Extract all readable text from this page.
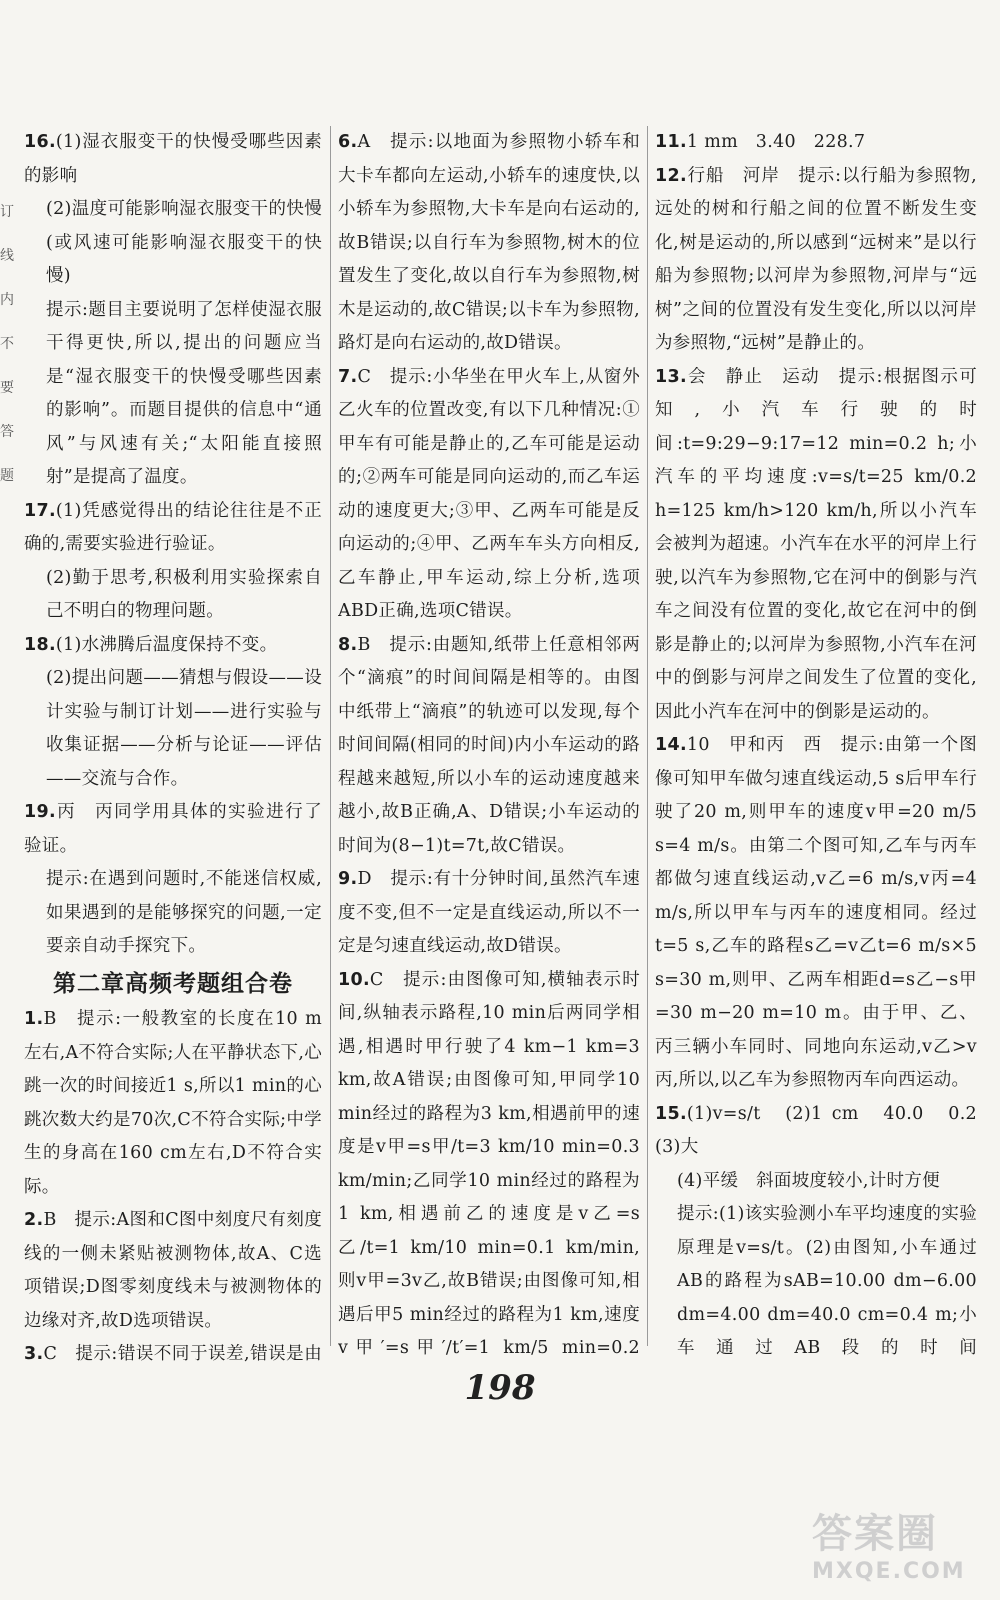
订线内不要答题

16.(1)湿衣服变干的快慢受哪些因素的影响

(2)温度可能影响湿衣服变干的快慢(或风速可能影响湿衣服变干的快慢)

提示:题目主要说明了怎样使湿衣服干得更快,所以,提出的问题应当是“湿衣服变干的快慢受哪些因素的影响”。而题目提供的信息中“通风”与风速有关;“太阳能直接照射”是提高了温度。

17.(1)凭感觉得出的结论往往是不正确的,需要实验进行验证。

(2)勤于思考,积极利用实验探索自己不明白的物理问题。

18.(1)水沸腾后温度保持不变。

(2)提出问题——猜想与假设——设计实验与制订计划——进行实验与收集证据——分析与论证——评估——交流与合作。

19.丙　丙同学用具体的实验进行了验证。

提示:在遇到问题时,不能迷信权威,如果遇到的是能够探究的问题,一定要亲自动手探究下。

第二章高频考题组合卷

1.B　提示:一般教室的长度在10 m左右,A不符合实际;人在平静状态下,心跳一次的时间接近1 s,所以1 min的心跳次数大约是70次,C不符合实际;中学生的身高在160 cm左右,D不符合实际。

2.B　提示:A图和C图中刻度尺有刻度线的一侧未紧贴被测物体,故A、C选项错误;D图零刻度线未与被测物体的边缘对齐,故D选项错误。

3.C　提示:错误不同于误差,错误是由

6.A　提示:以地面为参照物小轿车和大卡车都向左运动,小轿车的速度快,以小轿车为参照物,大卡车是向右运动的,故B错误;以自行车为参照物,树木的位置发生了变化,故以自行车为参照物,树木是运动的,故C错误;以卡车为参照物,路灯是向右运动的,故D错误。

7.C　提示:小华坐在甲火车上,从窗外乙火车的位置改变,有以下几种情况:①甲车有可能是静止的,乙车可能是运动的;②两车可能是同向运动的,而乙车运动的速度更大;③甲、乙两车可能是反向运动的;④甲、乙两车车头方向相反,乙车静止,甲车运动,综上分析,选项ABD正确,选项C错误。

8.B　提示:由题知,纸带上任意相邻两个“滴痕”的时间间隔是相等的。由图中纸带上“滴痕”的轨迹可以发现,每个时间间隔(相同的时间)内小车运动的路程越来越短,所以小车的运动速度越来越小,故B正确,A、D错误;小车运动的时间为(8−1)t=7t,故C错误。

9.D　提示:有十分钟时间,虽然汽车速度不变,但不一定是直线运动,所以不一定是匀速直线运动,故D错误。

10.C　提示:由图像可知,横轴表示时间,纵轴表示路程,10 min后两同学相遇,相遇时甲行驶了4 km−1 km=3 km,故A错误;由图像可知,甲同学10 min经过的路程为3 km,相遇前甲的速度是v甲=s甲/t=3 km/10 min=0.3 km/min;乙同学10 min经过的路程为1 km,相遇前乙的速度是v乙=s乙/t=1 km/10 min=0.1 km/min,则v甲=3v乙,故B错误;由图像可知,相遇后甲5 min经过的路程为1 km,速度v甲′=s甲′/t′=1 km/5 min=0.2

11.1 mm　3.40　228.7

12.行船　河岸　提示:以行船为参照物,远处的树和行船之间的位置不断发生变化,树是运动的,所以感到“远树来”是以行船为参照物;以河岸为参照物,河岸与“远树”之间的位置没有发生变化,所以以河岸为参照物,“远树”是静止的。

13.会　静止　运动　提示:根据图示可知,小汽车行驶的时间:t=9:29−9:17=12 min=0.2 h;小汽车的平均速度:v=s/t=25 km/0.2 h=125 km/h>120 km/h,所以小汽车会被判为超速。小汽车在水平的河岸上行驶,以汽车为参照物,它在河中的倒影与汽车之间没有位置的变化,故它在河中的倒影是静止的;以河岸为参照物,小汽车在河中的倒影与河岸之间发生了位置的变化,因此小汽车在河中的倒影是运动的。

14.10　甲和丙　西　提示:由第一个图像可知甲车做匀速直线运动,5 s后甲车行驶了20 m,则甲车的速度v甲=20 m/5 s=4 m/s。由第二个图可知,乙车与丙车都做匀速直线运动,v乙=6 m/s,v丙=4 m/s,所以甲车与丙车的速度相同。经过t=5 s,乙车的路程s乙=v乙t=6 m/s×5 s=30 m,则甲、乙两车相距d=s乙−s甲=30 m−20 m=10 m。由于甲、乙、丙三辆小车同时、同地向东运动,v乙>v丙,所以,以乙车为参照物丙车向西运动。

15.(1)v=s/t　(2)1 cm　40.0　0.2　(3)大

(4)平缓　斜面坡度较小,计时方便

提示:(1)该实验测小车平均速度的实验原理是v=s/t。(2)由图知,小车通过AB的路程为sAB=10.00 dm−6.00 dm=4.00 dm=40.0 cm=0.4 m;小车通过AB段的时间

198
答案圈
MXQE.COM
